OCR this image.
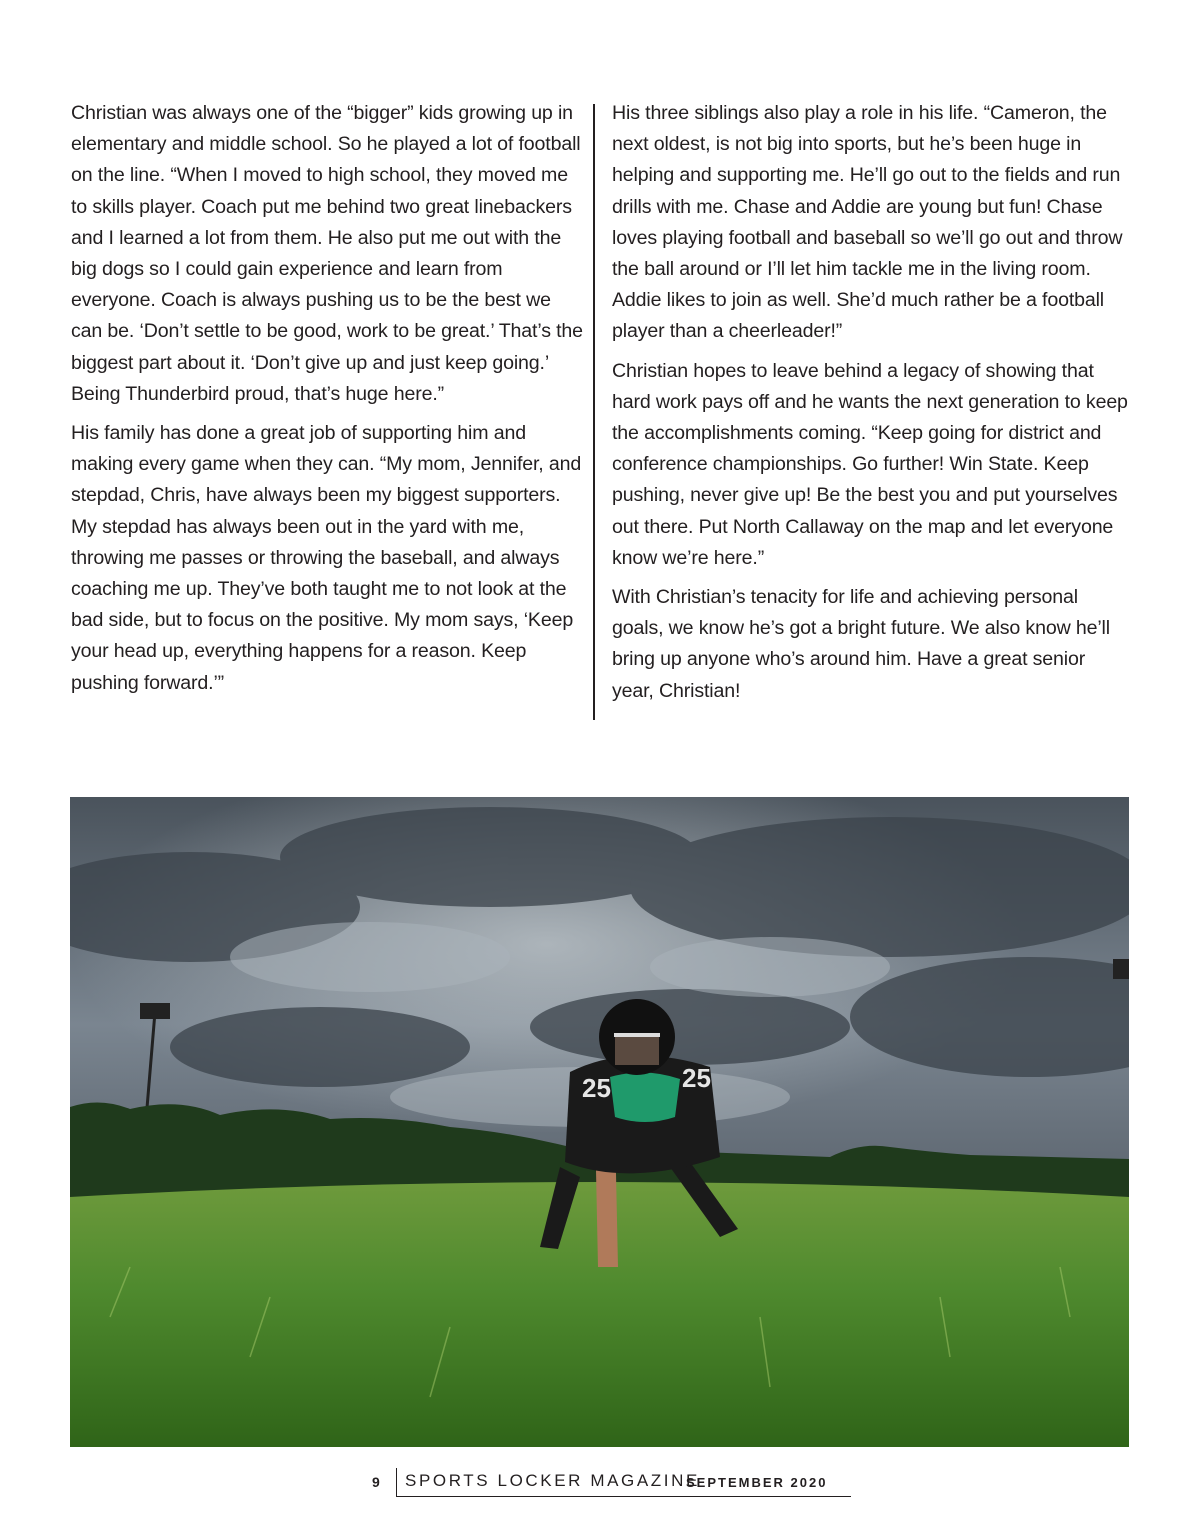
Christian was always one of the “bigger” kids growing up in elementary and middle school. So he played a lot of football on the line. “When I moved to high school, they moved me to skills player. Coach put me behind two great linebackers and I learned a lot from them. He also put me out with the big dogs so I could gain experience and learn from everyone. Coach is always pushing us to be the best we can be. ‘Don’t settle to be good, work to be great.’ That’s the biggest part about it. ‘Don’t give up and just keep going.’ Being Thunderbird proud, that’s huge here.”

His family has done a great job of supporting him and making every game when they can. “My mom, Jennifer, and stepdad, Chris, have always been my biggest supporters. My stepdad has always been out in the yard with me, throwing me passes or throwing the baseball, and always coaching me up. They’ve both taught me to not look at the bad side, but to focus on the positive. My mom says, ‘Keep your head up, everything happens for a reason. Keep pushing forward.’”

His three siblings also play a role in his life. “Cameron, the next oldest, is not big into sports, but he’s been huge in helping and supporting me. He’ll go out to the fields and run drills with me. Chase and Addie are young but fun! Chase loves playing football and baseball so we’ll go out and throw the ball around or I’ll let him tackle me in the living room. Addie likes to join as well. She’d much rather be a football player than a cheerleader!”

Christian hopes to leave behind a legacy of showing that hard work pays off and he wants the next generation to keep the accomplishments coming. “Keep going for district and conference championships. Go further! Win State. Keep pushing, never give up! Be the best you and put yourselves out there. Put North Callaway on the map and let everyone know we’re here.”

With Christian’s tenacity for life and achieving personal goals, we know he’s got a bright future. We also know he’ll bring up anyone who’s around him. Have a great senior year, Christian!

25	25
9 SPORTS LOCKER MAGAZINE
SEPTEMBER 2020
